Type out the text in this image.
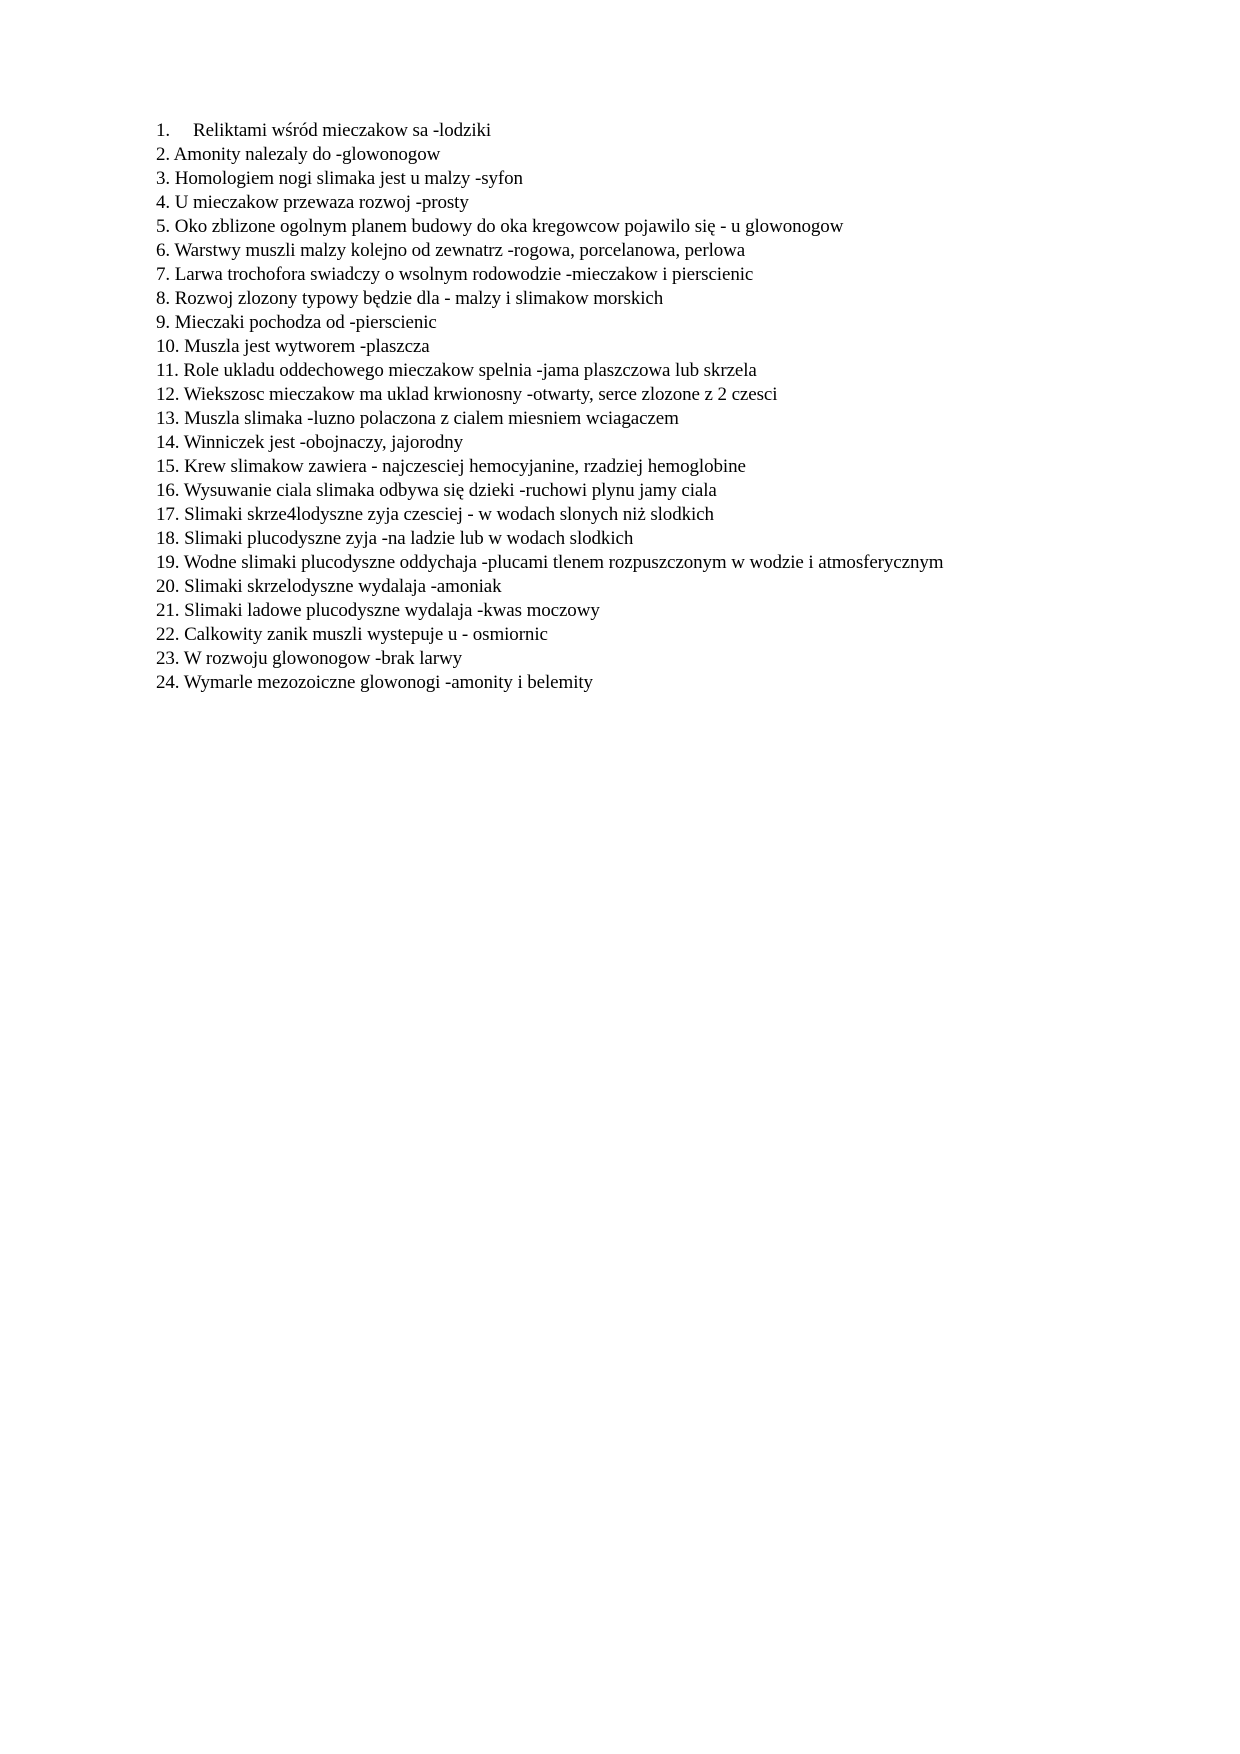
1. Reliktami wśród mieczakow sa -lodziki
2. Amonity nalezaly do -glowonogow
3. Homologiem nogi slimaka jest u malzy -syfon
4. U mieczakow przewaza rozwoj -prosty
5. Oko zblizone ogolnym planem budowy do oka kregowcow pojawilo się - u glowonogow
6. Warstwy muszli malzy kolejno od zewnatrz -rogowa, porcelanowa, perlowa
7. Larwa trochofora swiadczy o wsolnym rodowodzie -mieczakow i pierscienic
8. Rozwoj zlozony typowy będzie dla - malzy i slimakow morskich
9. Mieczaki pochodza od -pierscienic
10. Muszla jest wytworem -plaszcza
11. Role ukladu oddechowego mieczakow spelnia -jama plaszczowa lub skrzela
12. Wiekszosc mieczakow ma uklad krwionosny -otwarty, serce zlozone z 2 czesci
13. Muszla slimaka -luzno polaczona z cialem miesniem wciagaczem
14. Winniczek jest -obojnaczy, jajorodny
15. Krew slimakow zawiera - najczesciej hemocyjanine, rzadziej hemoglobine
16. Wysuwanie ciala slimaka odbywa się dzieki -ruchowi plynu jamy ciala
17. Slimaki skrze4lodyszne zyja czesciej - w wodach slonych niż slodkich
18. Slimaki plucodyszne zyja -na ladzie lub w wodach slodkich
19. Wodne slimaki plucodyszne oddychaja -plucami tlenem rozpuszczonym w wodzie i atmosferycznym
20. Slimaki skrzelodyszne wydalaja -amoniak
21. Slimaki ladowe plucodyszne wydalaja -kwas moczowy
22. Calkowity zanik muszli wystepuje u - osmiornic
23. W rozwoju glowonogow -brak larwy
24. Wymarle mezozoiczne glowonogi -amonity i belemity
